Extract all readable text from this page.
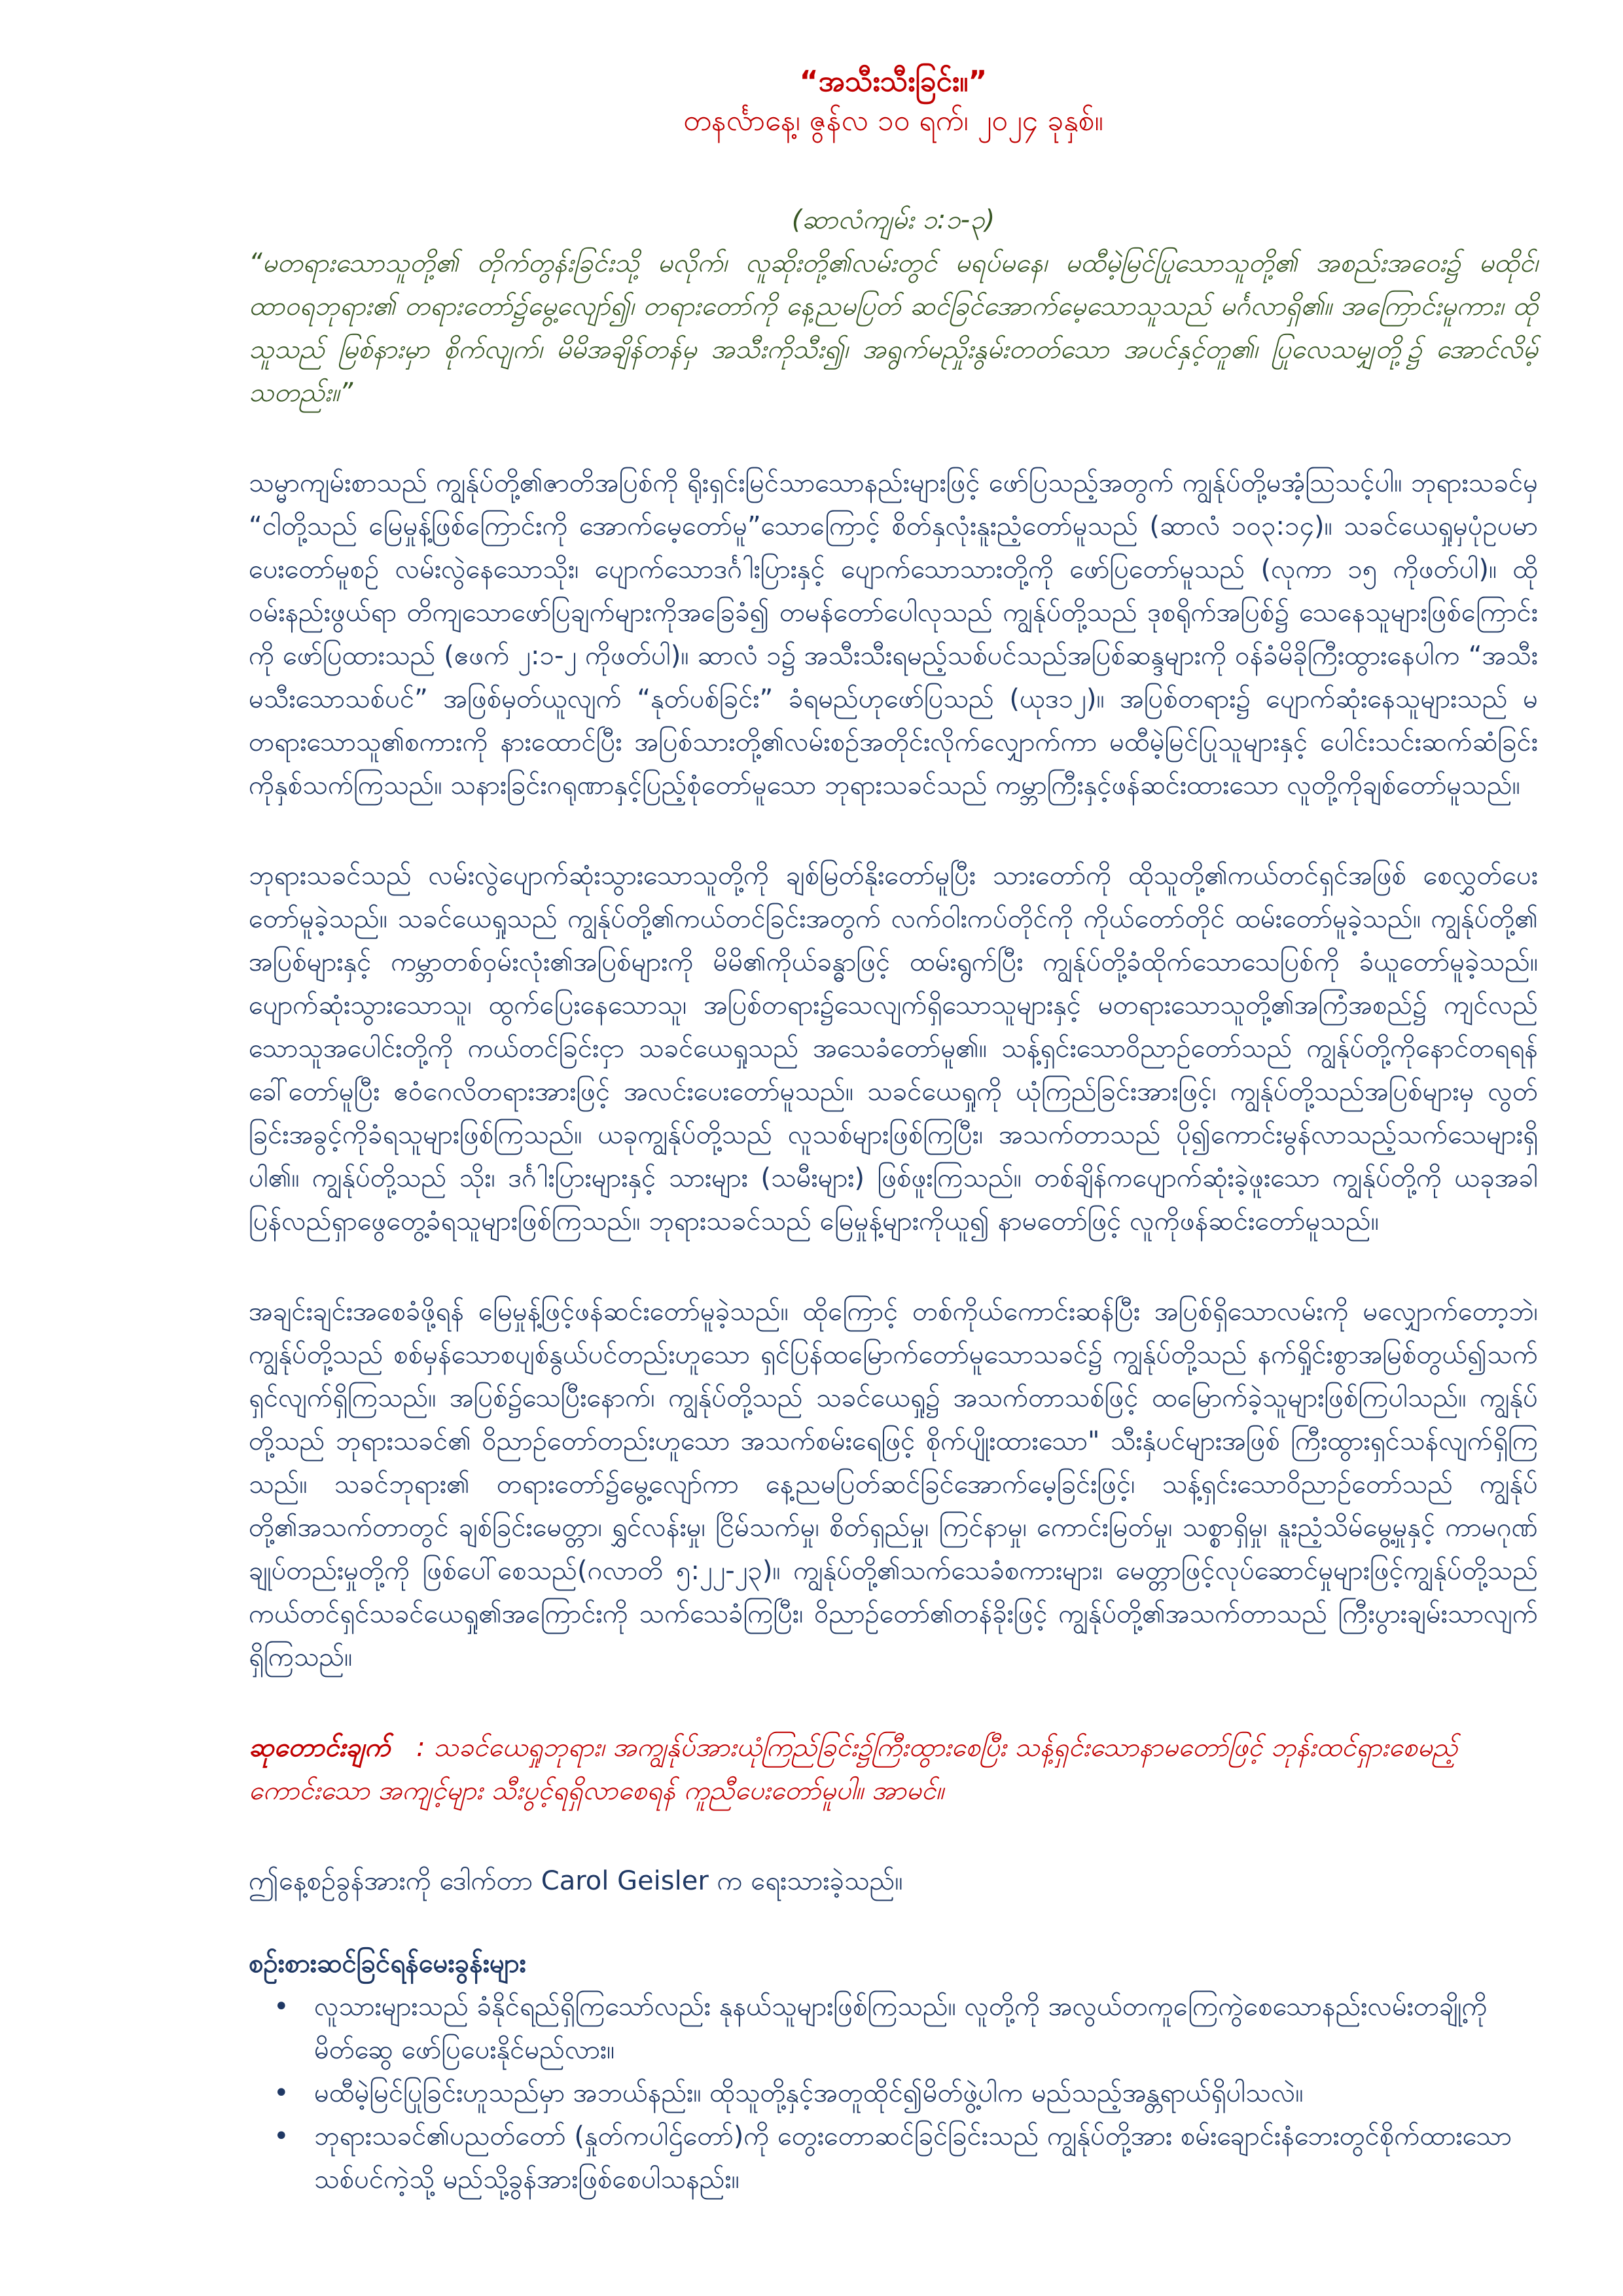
“အသီးသီးခြင်း။”

တနင်္လာနေ့၊ ဇွန်လ ၁၀ ရက်၊ ၂၀၂၄ ခုနှစ်။

(ဆာလံကျမ်း ၁:၁-၃)

“မတရားသောသူတို့၏ တိုက်တွန်းခြင်းသို့ မလိုက်၊ လူဆိုးတို့၏လမ်းတွင် မရပ်မနေ၊ မထီမဲ့မြင်ပြုသောသူတို့၏ အစည်းအဝေး၌ မထိုင်၊ ထာဝရဘုရား၏ တရားတော်၌မွေ့လျော်၍၊ တရားတော်ကို နေ့ညမပြတ် ဆင်ခြင်အောက်မေ့သောသူသည် မင်္ဂလာရှိ၏။ အကြောင်းမူကား၊ ထိုသူသည် မြစ်နားမှာ စိုက်လျက်၊ မိမိအချိန်တန်မှ အသီးကိုသီး၍၊ အရွက်မညှိုးနွမ်းတတ်သော အပင်နှင့်တူ၏၊ ပြုလေသမျှတို့၌ အောင်လိမ့်သတည်း။”

သမ္မာကျမ်းစာသည် ကျွန်ုပ်တို့၏ဇာတိအပြစ်ကို ရိုးရှင်းမြင်သာသောနည်းများဖြင့် ဖော်ပြသည့်အတွက် ကျွန်ုပ်တို့မအံ့သြသင့်ပါ။ ဘုရားသခင်မှ “ငါတို့သည် မြေမှုန့်ဖြစ်ကြောင်းကို အောက်မေ့တော်မူ”သောကြောင့် စိတ်နှလုံးနူးညံ့တော်မူသည် (ဆာလံ ၁၀၃:၁၄)။ သခင်ယေရှုမှပုံဥပမာပေးတော်မူစဉ် လမ်းလွဲနေသောသိုး၊ ပျောက်သောဒင်္ဂါးပြားနှင့် ပျောက်သောသားတို့ကို ဖော်ပြတော်မူသည် (လုကာ ၁၅ ကိုဖတ်ပါ)။ ထိုဝမ်းနည်းဖွယ်ရာ တိကျသောဖော်ပြချက်များကိုအခြေခံ၍ တမန်တော်ပေါလုသည် ကျွန်ုပ်တို့သည် ဒုစရိုက်အပြစ်၌ သေနေသူများဖြစ်ကြောင်းကို ဖော်ပြထားသည် (ဧဖက် ၂:၁-၂ ကိုဖတ်ပါ)။ ဆာလံ ၁၌ အသီးသီးရမည့်သစ်ပင်သည်အပြစ်ဆန္ဒများကို ဝန်ခံမိခိုကြီးထွားနေပါက “အသီးမသီးသောသစ်ပင်” အဖြစ်မှတ်ယူလျက် “နုတ်ပစ်ခြင်း” ခံရမည်ဟုဖော်ပြသည် (ယုဒ၁၂)။ အပြစ်တရား၌ ပျောက်ဆုံးနေသူများသည် မတရားသောသူ၏စကားကို နားထောင်ပြီး အပြစ်သားတို့၏လမ်းစဉ်အတိုင်းလိုက်လျှောက်ကာ မထီမဲ့မြင်ပြုသူများနှင့် ပေါင်းသင်းဆက်ဆံခြင်းကိုနှစ်သက်ကြသည်။ သနားခြင်းဂရုဏာနှင့်ပြည့်စုံတော်မူသော ဘုရားသခင်သည် ကမ္ဘာကြီးနှင့်ဖန်ဆင်းထားသော လူတို့ကိုချစ်တော်မူသည်။

ဘုရားသခင်သည် လမ်းလွဲပျောက်ဆုံးသွားသောသူတို့ကို ချစ်မြတ်နိုးတော်မူပြီး သားတော်ကို ထိုသူတို့၏ကယ်တင်ရှင်အဖြစ် စေလွှတ်ပေးတော်မူခဲ့သည်။ သခင်ယေရှုသည် ကျွန်ုပ်တို့၏ကယ်တင်ခြင်းအတွက် လက်ဝါးကပ်တိုင်ကို ကိုယ်တော်တိုင် ထမ်းတော်မူခဲ့သည်။ ကျွန်ုပ်တို့၏ အပြစ်များနှင့် ကမ္ဘာတစ်ဝှမ်းလုံး၏အပြစ်များကို မိမိ၏ကိုယ်ခန္ဓာဖြင့် ထမ်းရွက်ပြီး ကျွန်ုပ်တို့ခံထိုက်သောသေပြစ်ကို ခံယူတော်မူခဲ့သည်။ ပျောက်ဆုံးသွားသောသူ၊ ထွက်ပြေးနေသောသူ၊ အပြစ်တရား၌သေလျက်ရှိသောသူများနှင့် မတရားသောသူတို့၏အကြံအစည်၌ ကျင်လည်သောသူအပေါင်းတို့ကို ကယ်တင်ခြင်းငှာ သခင်ယေရှုသည် အသေခံတော်မူ၏။ သန့်ရှင်းသောဝိညာဉ်တော်သည် ကျွန်ုပ်တို့ကိုနောင်တရရန် ခေါ်တော်မူပြီး ဧဝံဂေလိတရားအားဖြင့် အလင်းပေးတော်မူသည်။ သခင်ယေရှုကို ယုံကြည်ခြင်းအားဖြင့်၊ ကျွန်ုပ်တို့သည်အပြစ်များမှ လွတ်ခြင်းအခွင့်ကိုခံရသူများဖြစ်ကြသည်။ ယခုကျွန်ုပ်တို့သည် လူသစ်များဖြစ်ကြပြီး၊ အသက်တာသည် ပို၍ကောင်းမွန်လာသည့်သက်သေများရှိပါ၏။ ကျွန်ုပ်တို့သည် သိုး၊ ဒင်္ဂါးပြားများနှင့် သားများ (သမီးများ) ဖြစ်ဖူးကြသည်။ တစ်ချိန်ကပျောက်ဆုံးခဲ့ဖူးသော ကျွန်ုပ်တို့ကို ယခုအခါ ပြန်လည်ရှာဖွေတွေ့ခံရသူများဖြစ်ကြသည်။ ဘုရားသခင်သည် မြေမှုန့်များကိုယူ၍ နာမတော်ဖြင့် လူကိုဖန်ဆင်းတော်မူသည်။

အချင်းချင်းအစေခံဖို့ရန် မြေမှုန့်ဖြင့်ဖန်ဆင်းတော်မူခဲ့သည်။ ထိုကြောင့် တစ်ကိုယ်ကောင်းဆန်ပြီး အပြစ်ရှိသောလမ်းကို မလျှောက်တော့ဘဲ၊ ကျွန်ုပ်တို့သည် စစ်မှန်သောစပျစ်နွယ်ပင်တည်းဟူသော ရှင်ပြန်ထမြောက်တော်မူသောသခင်၌ ကျွန်ုပ်တို့သည် နက်ရှိုင်းစွာအမြစ်တွယ်၍သက်ရှင်လျက်ရှိကြသည်။ အပြစ်၌သေပြီးနောက်၊ ကျွန်ုပ်တို့သည် သခင်ယေရှု၌ အသက်တာသစ်ဖြင့် ထမြောက်ခဲ့သူများဖြစ်ကြပါသည်။ ကျွန်ုပ်တို့သည် ဘုရားသခင်၏ ဝိညာဉ်တော်တည်းဟူသော အသက်စမ်းရေဖြင့် စိုက်ပျိုးထားသော" သီးနှံပင်များအဖြစ် ကြီးထွားရှင်သန်လျက်ရှိကြသည်။ သခင်ဘုရား၏ တရားတော်၌မွေ့လျော်ကာ နေ့ညမပြတ်ဆင်ခြင်အောက်မေ့ခြင်းဖြင့်၊ သန့်ရှင်းသောဝိညာဉ်တော်သည် ကျွန်ုပ်တို့၏အသက်တာတွင် ချစ်ခြင်းမေတ္တာ၊ ရွှင်လန်းမှု၊ ငြိမ်သက်မှု၊ စိတ်ရှည်မှု၊ ကြင်နာမှု၊ ကောင်းမြတ်မှု၊ သစ္စာရှိမှု၊ နူးညံ့သိမ်မွေ့မှုနှင့် ကာမဂုဏ်ချုပ်တည်းမှုတို့ကို ဖြစ်ပေါ်စေသည်(ဂလာတိ ၅:၂၂-၂၃)။ ကျွန်ုပ်တို့၏သက်သေခံစကားများ၊ မေတ္တာဖြင့်လုပ်ဆောင်မှုများဖြင့်ကျွန်ုပ်တို့သည် ကယ်တင်ရှင်သခင်ယေရှု၏အကြောင်းကို သက်သေခံကြပြီး၊ ဝိညာဉ်တော်၏တန်ခိုးဖြင့် ကျွန်ုပ်တို့၏အသက်တာသည် ကြီးပွားချမ်းသာလျက်ရှိကြသည်။

ဆုတောင်းချက် : သခင်ယေရှုဘုရား၊ အကျွန်ုပ်အားယုံကြည်ခြင်း၌ကြီးထွားစေပြီး သန့်ရှင်းသောနာမတော်ဖြင့် ဘုန်းထင်ရှားစေမည့် ကောင်းသော အကျင့်များ သီးပွင့်ရရှိလာစေရန် ကူညီပေးတော်မူပါ။ အာမင်။

ဤနေ့စဉ်ခွန်အားကို ဒေါက်တာ Carol Geisler က ရေးသားခဲ့သည်။

စဉ်းစားဆင်ခြင်ရန်မေးခွန်းများ
• လူသားများသည် ခံနိုင်ရည်ရှိကြသော်လည်း နုနယ်သူများဖြစ်ကြသည်။ လူတို့ကို အလွယ်တကူကြေကွဲစေသောနည်းလမ်းတချို့ကို မိတ်ဆွေ ဖော်ပြပေးနိုင်မည်လား။
• မထီမဲ့မြင်ပြုခြင်းဟူသည်မှာ အဘယ်နည်း။ ထိုသူတို့နှင့်အတူထိုင်၍မိတ်ဖွဲ့ပါက မည်သည့်အန္တရာယ်ရှိပါသလဲ။
• ဘုရားသခင်၏ပညတ်တော် (နှုတ်ကပါဌ်တော်)ကို တွေးတောဆင်ခြင်ခြင်းသည် ကျွန်ုပ်တို့အား စမ်းချောင်းနံဘေးတွင်စိုက်ထားသော သစ်ပင်ကဲ့သို့ မည်သို့ခွန်အားဖြစ်စေပါသနည်း။
